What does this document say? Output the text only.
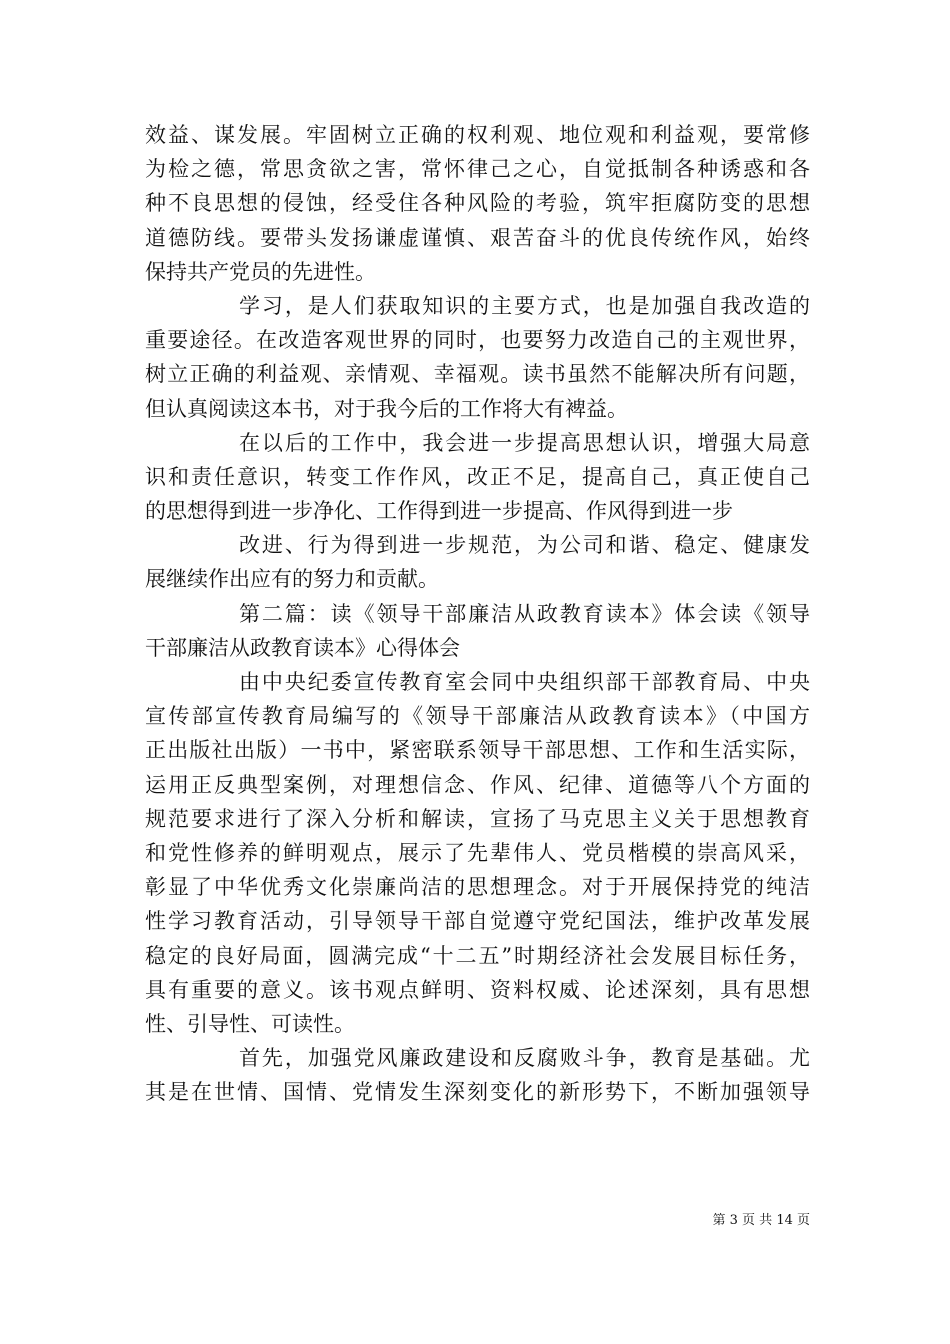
效益、谋发展。牢固树立正确的权利观、地位观和利益观，要常修
为检之德，常思贪欲之害，常怀律己之心，自觉抵制各种诱惑和各
种不良思想的侵蚀，经受住各种风险的考验，筑牢拒腐防变的思想
道德防线。要带头发扬谦虚谨慎、艰苦奋斗的优良传统作风，始终
保持共产党员的先进性。
学习，是人们获取知识的主要方式，也是加强自我改造的
重要途径。在改造客观世界的同时，也要努力改造自己的主观世界，
树立正确的利益观、亲情观、幸福观。读书虽然不能解决所有问题，
但认真阅读这本书，对于我今后的工作将大有裨益。
在以后的工作中，我会进一步提高思想认识，增强大局意
识和责任意识，转变工作作风，改正不足，提高自己，真正使自己
的思想得到进一步净化、工作得到进一步提高、作风得到进一步
改进、行为得到进一步规范，为公司和谐、稳定、健康发
展继续作出应有的努力和贡献。
第二篇：读《领导干部廉洁从政教育读本》体会读《领导
干部廉洁从政教育读本》心得体会
由中央纪委宣传教育室会同中央组织部干部教育局、中央
宣传部宣传教育局编写的《领导干部廉洁从政教育读本》（中国方
正出版社出版）一书中，紧密联系领导干部思想、工作和生活实际，
运用正反典型案例，对理想信念、作风、纪律、道德等八个方面的
规范要求进行了深入分析和解读，宣扬了马克思主义关于思想教育
和党性修养的鲜明观点，展示了先辈伟人、党员楷模的崇高风采，
彰显了中华优秀文化崇廉尚洁的思想理念。对于开展保持党的纯洁
性学习教育活动，引导领导干部自觉遵守党纪国法，维护改革发展
稳定的良好局面，圆满完成“十二五”时期经济社会发展目标任务，
具有重要的意义。该书观点鲜明、资料权威、论述深刻，具有思想
性、引导性、可读性。
首先，加强党风廉政建设和反腐败斗争，教育是基础。尤
其是在世情、国情、党情发生深刻变化的新形势下，不断加强领导
第 3 页 共 14 页
